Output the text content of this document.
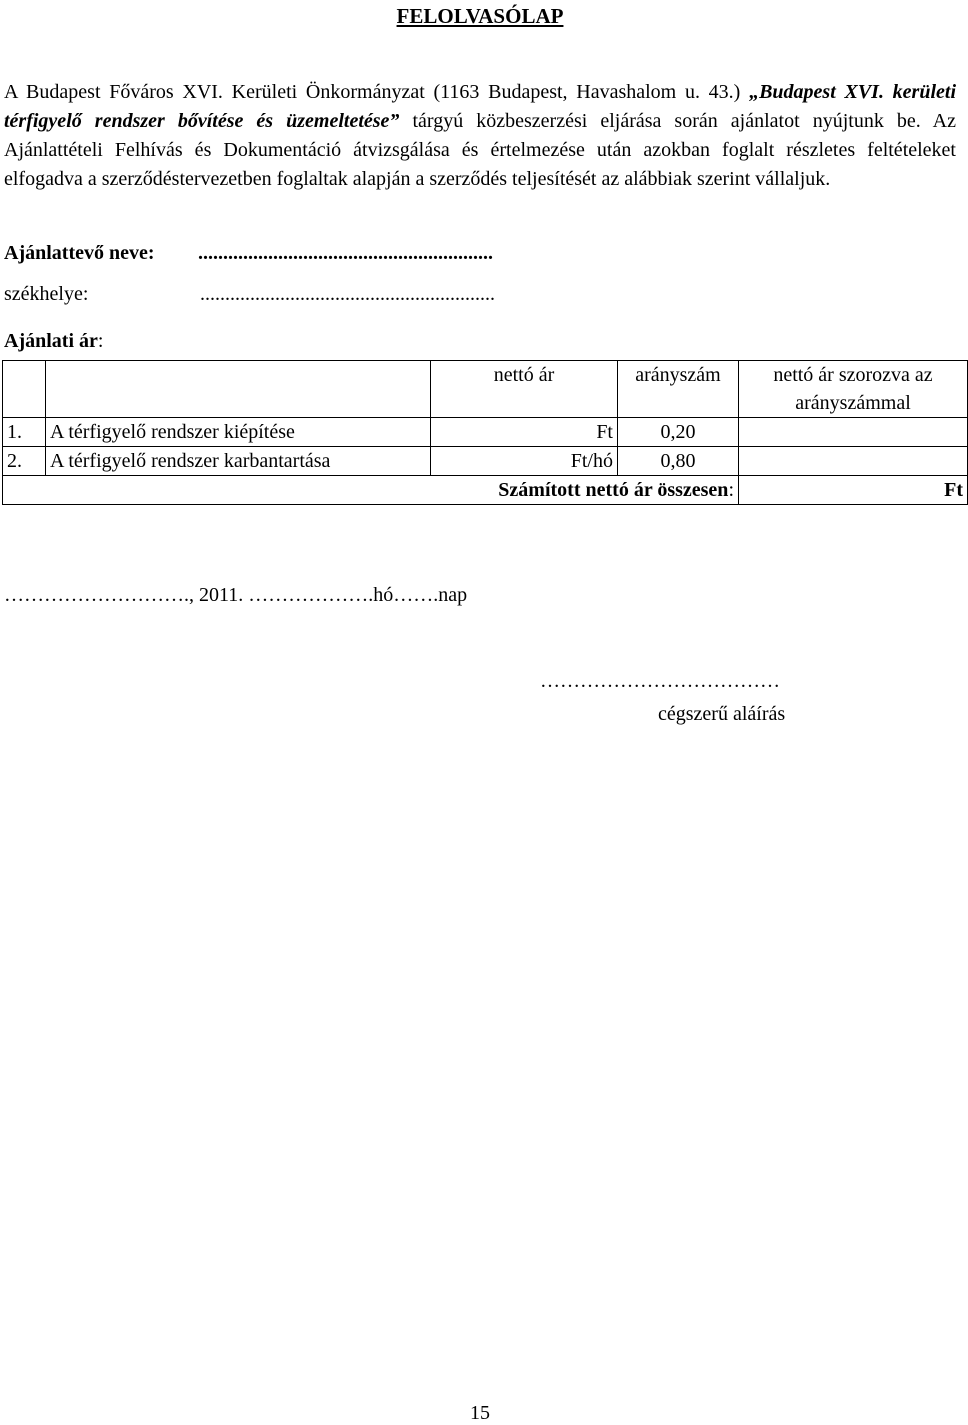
FELOLVASÓLAP
A Budapest Főváros XVI. Kerületi Önkormányzat (1163 Budapest, Havashalom u. 43.) „Budapest XVI. kerületi térfigyelő rendszer bővítése és üzemeltetése” tárgyú közbeszerzési eljárása során ajánlatot nyújtunk be. Az Ajánlattételi Felhívás és Dokumentáció átvizsgálása és értelmezése után azokban foglalt részletes feltételeket elfogadva a szerződéstervezetben foglaltak alapján a szerződés teljesítését az alábbiak szerint vállaljuk.
Ajánlattevő neve: ...........................................................
székhelye:	...........................................................
Ajánlati ár:
		nettó ár	arányszám	nettó ár szorozva az arányszámmal
1.	A térfigyelő rendszer kiépítése	Ft	0,20	
2.	A térfigyelő rendszer karbantartása	Ft/hó	0,80	
Számított nettó ár összesen:				Ft
………………………., 2011. ……………….hó…….nap
………………………………
cégszerű aláírás
15
